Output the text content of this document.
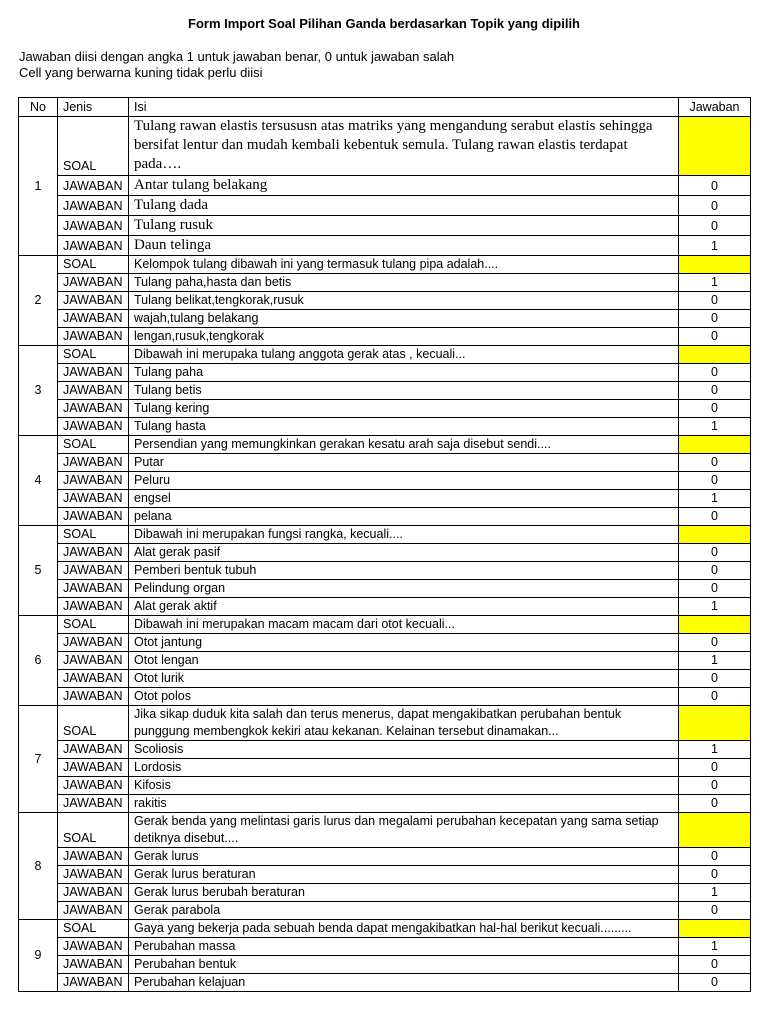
Form Import Soal Pilihan Ganda berdasarkan Topik yang dipilih
Jawaban diisi dengan angka 1 untuk jawaban benar, 0 untuk jawaban salah
Cell yang berwarna kuning tidak perlu diisi
No	Jenis	Isi	Jawaban
1	SOAL	Tulang rawan elastis tersususn atas matriks yang mengandung serabut elastis sehingga bersifat lentur dan mudah kembali kebentuk semula. Tulang rawan elastis terdapat pada….	
	JAWABAN	Antar tulang belakang	0
	JAWABAN	Tulang dada	0
	JAWABAN	Tulang rusuk	0
	JAWABAN	Daun telinga	1
2	SOAL	Kelompok tulang dibawah ini yang termasuk tulang pipa adalah....	
	JAWABAN	Tulang paha,hasta dan betis	1
	JAWABAN	Tulang belikat,tengkorak,rusuk	0
	JAWABAN	wajah,tulang belakang	0
	JAWABAN	lengan,rusuk,tengkorak	0
3	SOAL	Dibawah ini merupaka tulang anggota gerak atas , kecuali...	
	JAWABAN	Tulang paha	0
	JAWABAN	Tulang betis	0
	JAWABAN	Tulang kering	0
	JAWABAN	Tulang hasta	1
4	SOAL	Persendian yang memungkinkan gerakan kesatu arah saja disebut sendi....	
	JAWABAN	Putar	0
	JAWABAN	Peluru	0
	JAWABAN	engsel	1
	JAWABAN	pelana	0
5	SOAL	Dibawah ini merupakan fungsi rangka, kecuali....	
	JAWABAN	Alat gerak pasif	0
	JAWABAN	Pemberi bentuk tubuh	0
	JAWABAN	Pelindung organ	0
	JAWABAN	Alat gerak aktif	1
6	SOAL	Dibawah ini merupakan macam macam dari otot kecuali...	
	JAWABAN	Otot jantung	0
	JAWABAN	Otot lengan	1
	JAWABAN	Otot lurik	0
	JAWABAN	Otot polos	0
7	SOAL	Jika sikap duduk kita salah dan terus menerus, dapat mengakibatkan perubahan bentuk punggung membengkok kekiri atau kekanan. Kelainan tersebut dinamakan...	
	JAWABAN	Scoliosis	1
	JAWABAN	Lordosis	0
	JAWABAN	Kifosis	0
	JAWABAN	rakitis	0
8	SOAL	Gerak benda yang melintasi garis lurus dan megalami perubahan kecepatan yang sama setiap detiknya disebut....	
	JAWABAN	Gerak lurus	0
	JAWABAN	Gerak lurus beraturan	0
	JAWABAN	Gerak lurus berubah beraturan	1
	JAWABAN	Gerak parabola	0
9	SOAL	Gaya yang bekerja pada sebuah benda dapat mengakibatkan hal-hal berikut kecuali.........	
	JAWABAN	Perubahan massa	1
	JAWABAN	Perubahan bentuk	0
	JAWABAN	Perubahan kelajuan	0
